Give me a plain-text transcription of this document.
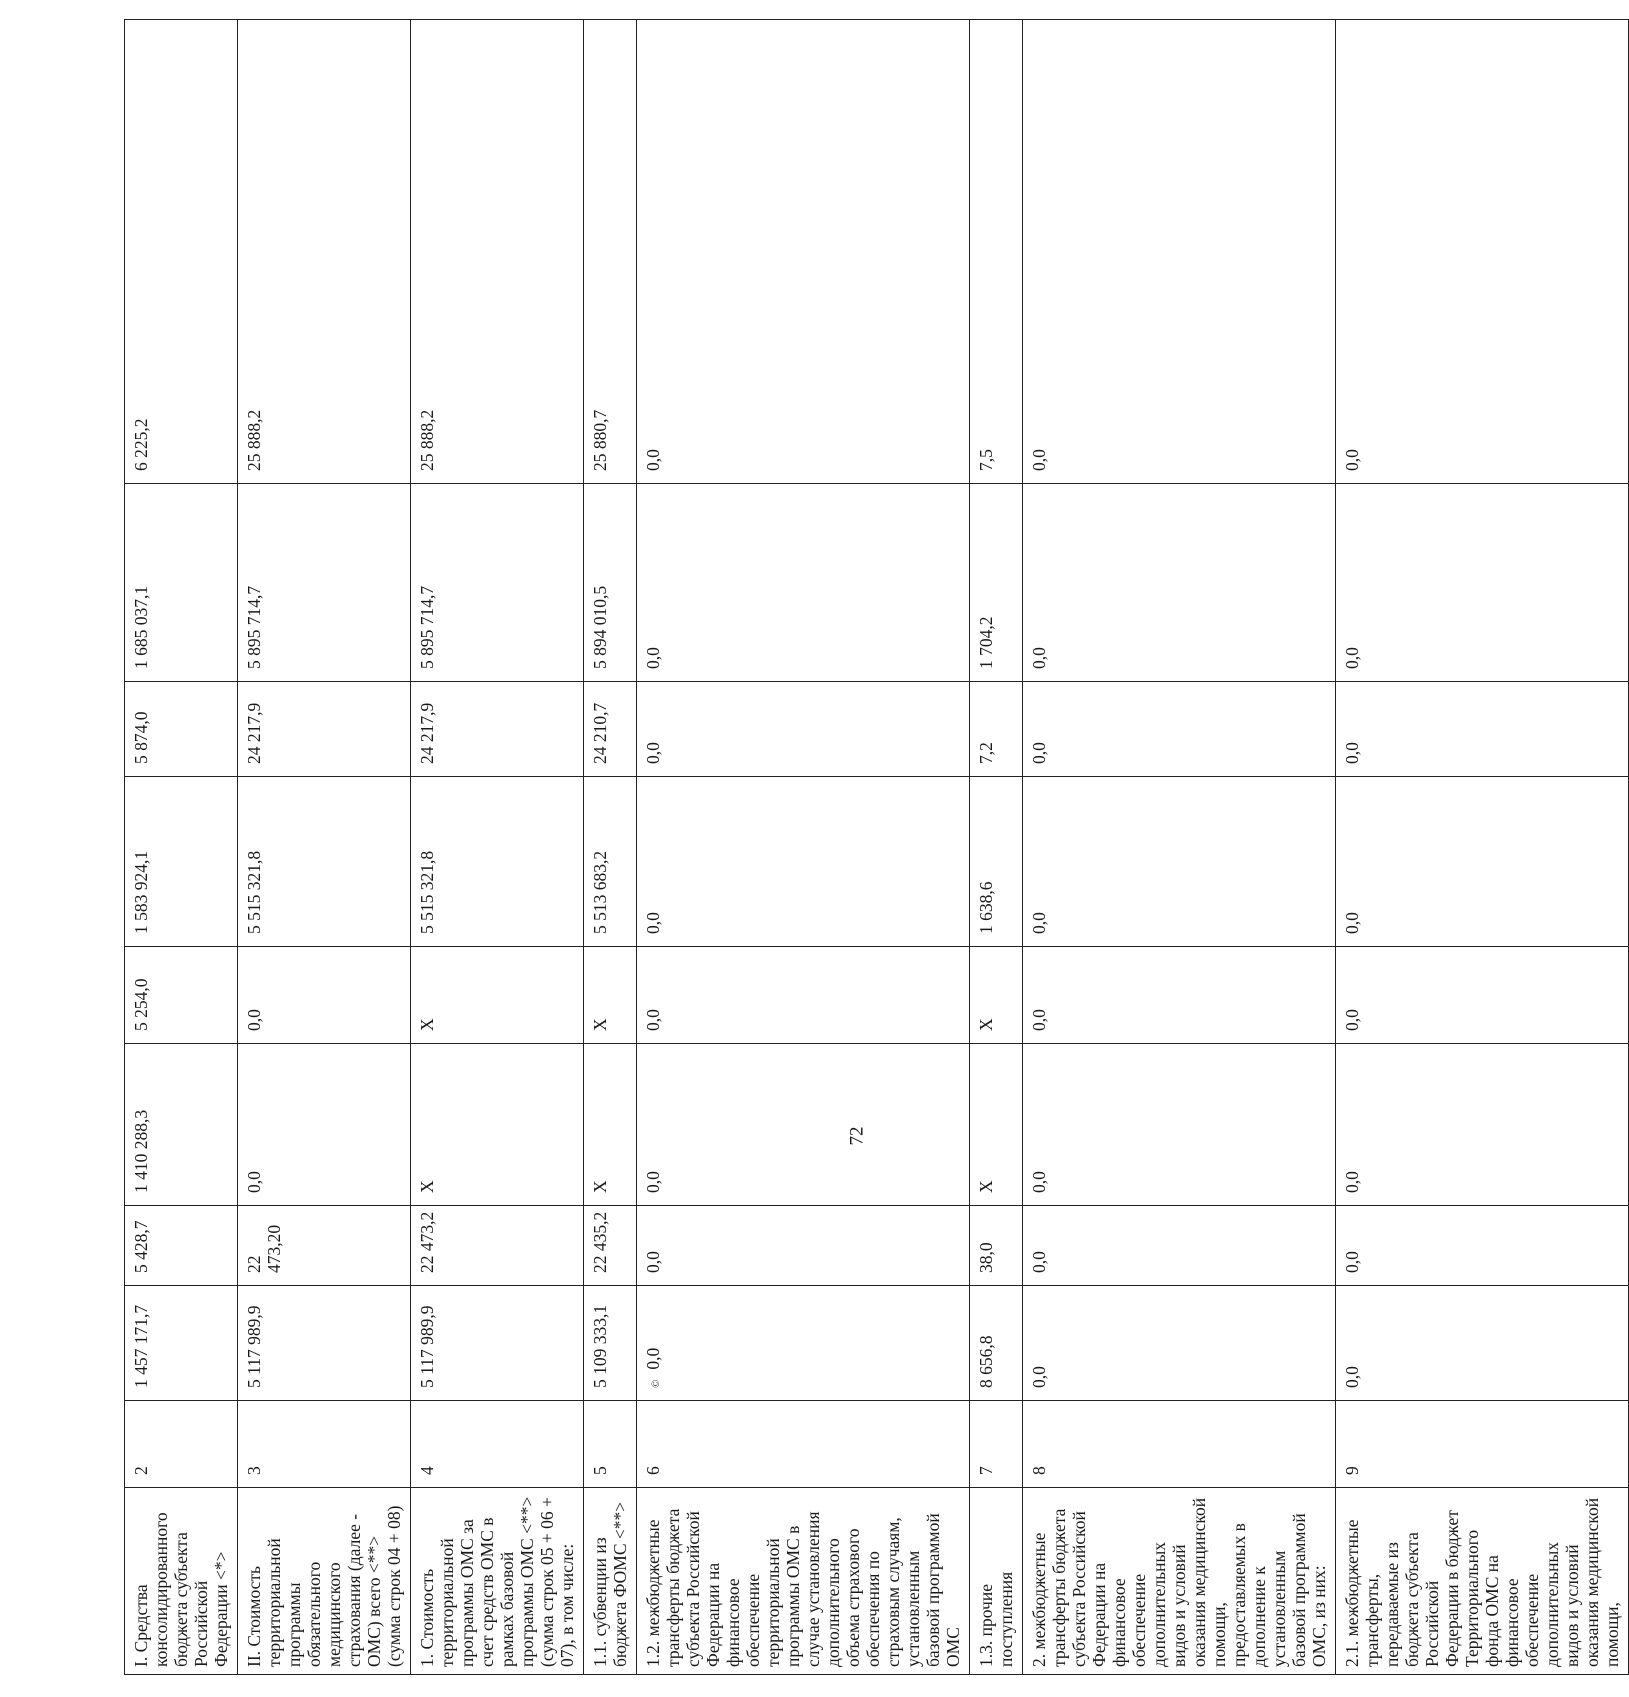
I. Средства консолидированного бюджета субъекта Российской Федерации <*>	2	1 457 171,7	5 428,7	1 410 288,3	5 254,0	1 583 924,1	5 874,0	1 685 037,1	6 225,2
II. Стоимость территориальной программы обязательного медицинского страхования (далее - ОМС) всего <**> (сумма строк 04 + 08)	3	5 117 989,9	22 473,20	0,0	0,0	5 515 321,8	24 217,9	5 895 714,7	25 888,2
1. Стоимость территориальной программы ОМС за счет средств ОМС в рамках базовой программы ОМС <**> (сумма строк 05 + 06 + 07), в том числе:	4	5 117 989,9	22 473,2	Х	Х	5 515 321,8	24 217,9	5 895 714,7	25 888,2
1.1. субвенции из бюджета ФОМС <**>	5	5 109 333,1	22 435,2	Х	Х	5 513 683,2	24 210,7	5 894 010,5	25 880,7
1.2. межбюджетные трансферты бюджета субъекта Российской Федерации на финансовое обеспечение территориальной программы ОМС в случае установления дополнительного объема страхового обеспечения по страховым случаям, установленным базовой программой ОМС	6	©0,0	0,0	0,0	0,0	0,0	0,0	0,0	0,0
1.3. прочие поступления	7	8 656,8	38,0	Х	Х	1 638,6	7,2	1 704,2	7,5
2. межбюджетные трансферты бюджета субъекта Российской Федерации на финансовое обеспечение дополнительных видов и условий оказания медицинской помощи, предоставляемых в дополнение к установленным базовой программой ОМС, из них:	8	0,0	0,0	0,0	0,0	0,0	0,0	0,0	0,0
2.1. межбюджетные трансферты, передаваемые из бюджета субъекта Российской Федерации в бюджет Территориального фонда ОМС на финансовое обеспечение дополнительных видов и условий оказания медицинской помощи,	9	0,0	0,0	0,0	0,0	0,0	0,0	0,0	0,0
72
